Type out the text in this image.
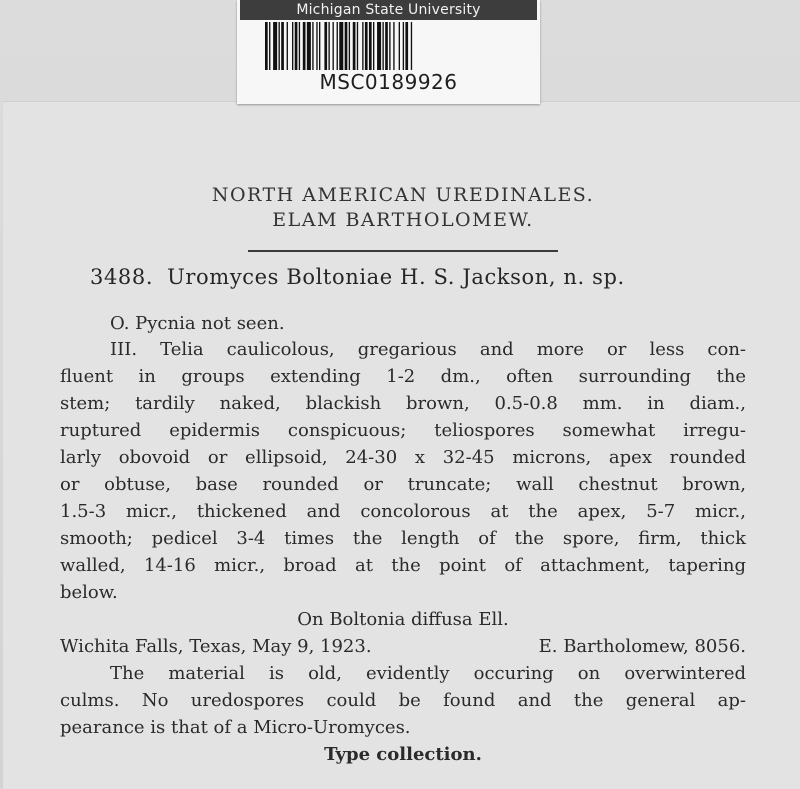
NORTH AMERICAN UREDINALES.
ELAM BARTHOLOMEW.
3488. Uromyces Boltoniae H. S. Jackson, n. sp.
O. Pycnia not seen.
III. Telia caulicolous, gregarious and more or less con-
fluent in groups extending 1-2 dm., often surrounding the
stem; tardily naked, blackish brown, 0.5-0.8 mm. in diam.,
ruptured epidermis conspicuous; teliospores somewhat irregu-
larly obovoid or ellipsoid, 24-30 x 32-45 microns, apex rounded
or obtuse, base rounded or truncate; wall chestnut brown,
1.5-3 micr., thickened and concolorous at the apex, 5-7 micr.,
smooth; pedicel 3-4 times the length of the spore, firm, thick
walled, 14-16 micr., broad at the point of attachment, tapering
below.
On Boltonia diffusa Ell.
Wichita Falls, Texas, May 9, 1923.	E. Bartholomew, 8056.
The material is old, evidently occuring on overwintered
culms. No uredospores could be found and the general ap-
pearance is that of a Micro-Uromyces.
Type collection.
Michigan State University
MSC0189926
